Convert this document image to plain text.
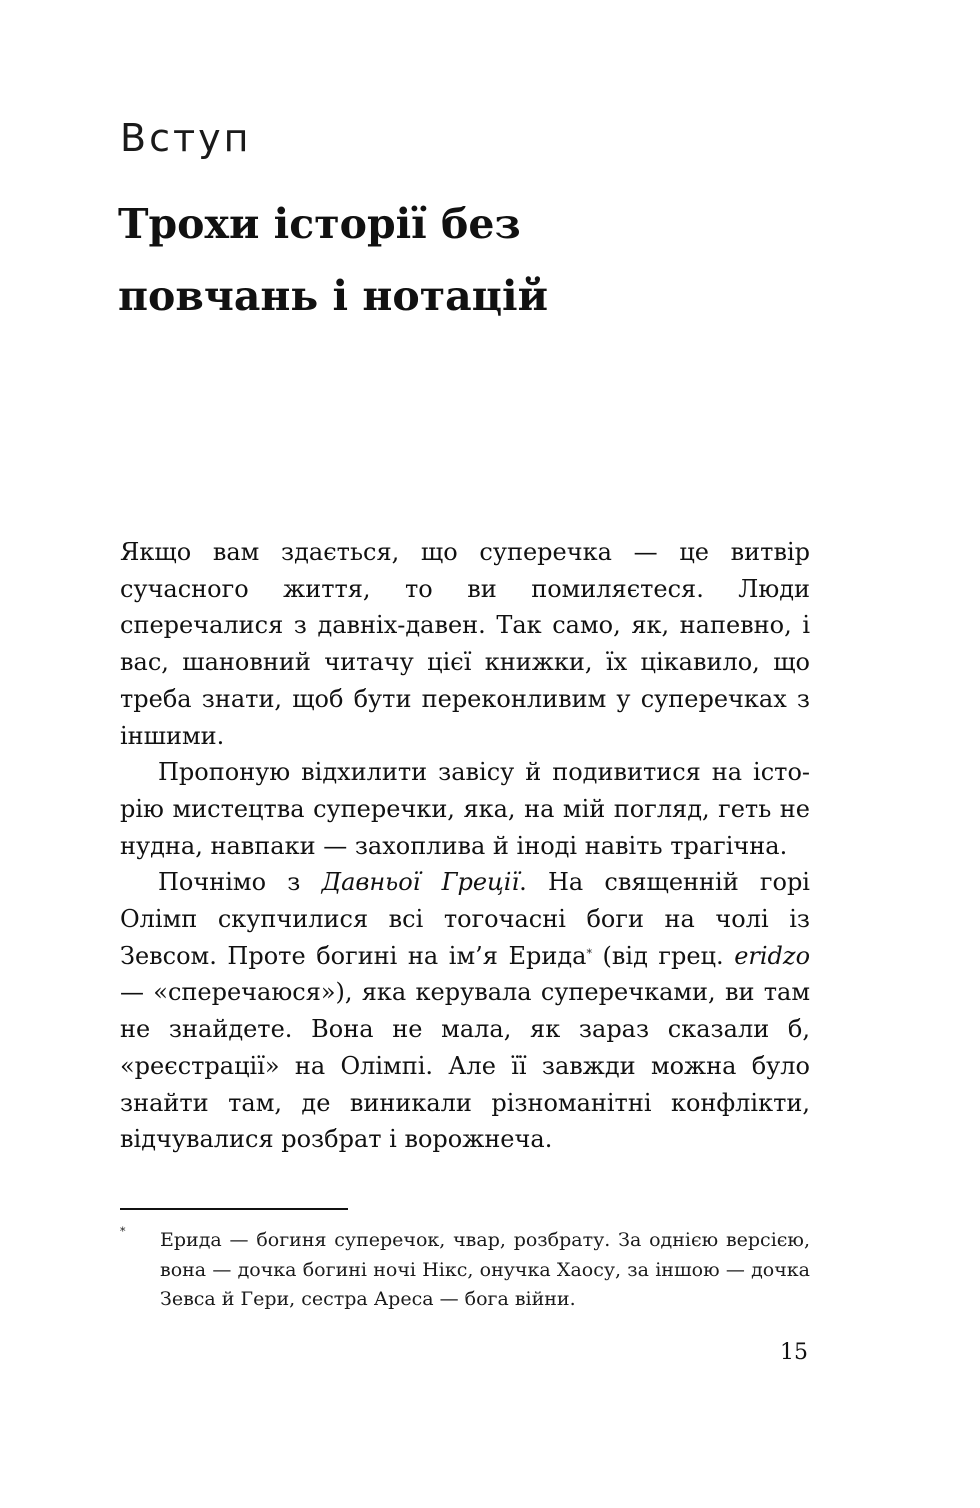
Вступ
Трохи історії без
повчань і нотацій

Якщо вам здається, що суперечка — це витвір сучасного життя, то ви помиляєтеся. Люди сперечалися з давніх-давен. Так само, як, напевно, і вас, шановний читачу цієї книжки, їх цікавило, що треба знати, щоб бути переконливим у суперечках з іншими.

Пропоную відхилити завісу й подивитися на історію мистецтва суперечки, яка, на мій погляд, геть не нудна, навпаки — захоплива й іноді навіть трагічна.

Почнімо з Давньої Греції. На священній горі Олімп скупчилися всі тогочасні боги на чолі із Зевсом. Проте богині на ім’я Ерида* (від грец. eridzo — «сперечаюся»), яка керувала суперечками, ви там не знайдете. Вона не мала, як зараз сказали б, «реєстрації» на Олімпі. Але її завжди можна було знайти там, де виникали різноманітні конфлікти, відчувалися розбрат і ворожнеча.

* Ерида — богиня суперечок, чвар, розбрату. За однією версією, вона — дочка богині ночі Нікс, онучка Хаосу, за іншою — дочка Зевса й Гери, сестра Ареса — бога війни.
15
